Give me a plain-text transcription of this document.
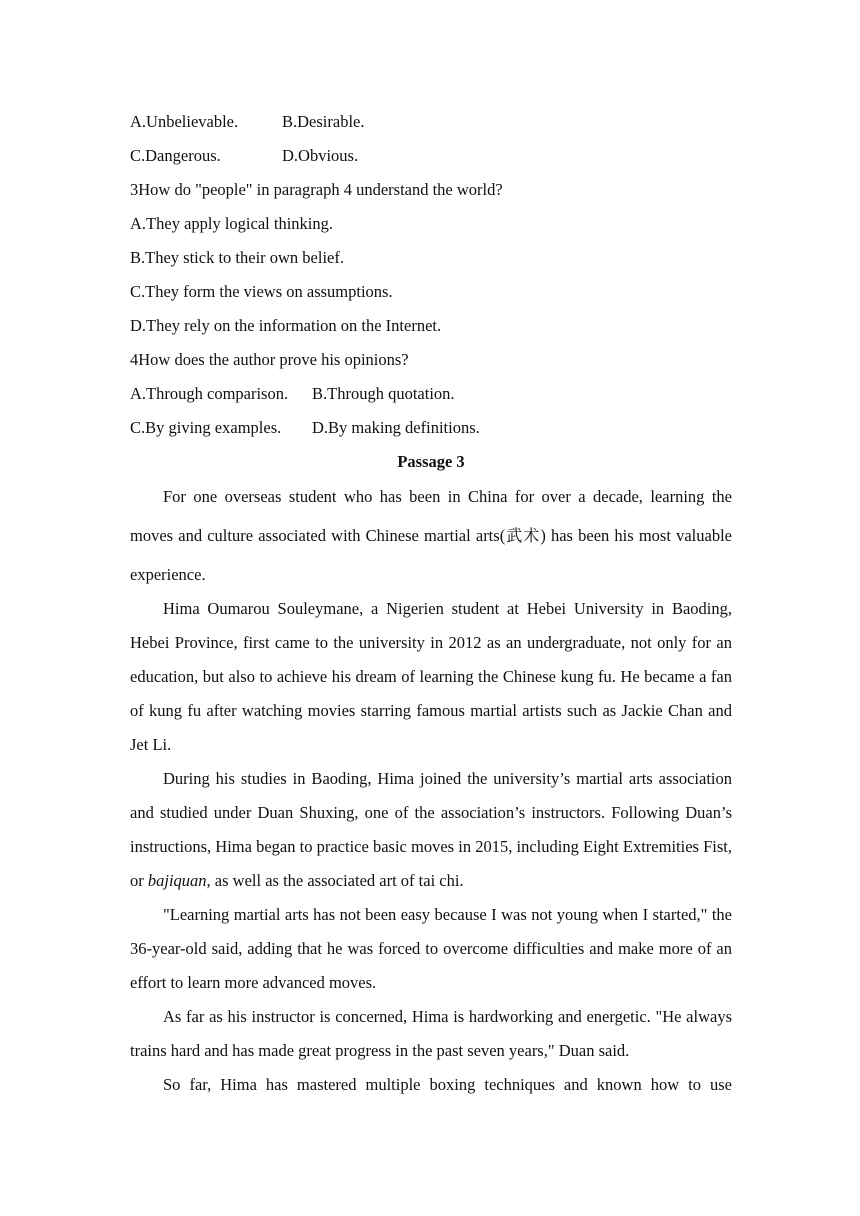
A.Unbelievable.	B.Desirable.
C.Dangerous.	D.Obvious.
3How do "people" in paragraph 4 understand the world?
A.They apply logical thinking.
B.They stick to their own belief.
C.They form the views on assumptions.
D.They rely on the information on the Internet.
4How does the author prove his opinions?
A.Through comparison.	B.Through quotation.
C.By giving examples.	D.By making definitions.
Passage 3

For one overseas student who has been in China for over a decade, learning the moves and culture associated with Chinese martial arts(武术) has been his most valuable experience.

Hima Oumarou Souleymane, a Nigerien student at Hebei University in Baoding, Hebei Province, first came to the university in 2012 as an undergraduate, not only for an education, but also to achieve his dream of learning the Chinese kung fu. He became a fan of kung fu after watching movies starring famous martial artists such as Jackie Chan and Jet Li.

During his studies in Baoding, Hima joined the university’s martial arts association and studied under Duan Shuxing, one of the association’s instructors. Following Duan’s instructions, Hima began to practice basic moves in 2015, including Eight Extremities Fist, or bajiquan, as well as the associated art of tai chi.

"Learning martial arts has not been easy because I was not young when I started," the 36-year-old said, adding that he was forced to overcome difficulties and make more of an effort to learn more advanced moves.

As far as his instructor is concerned, Hima is hardworking and energetic. "He always trains hard and has made great progress in the past seven years," Duan said.

So far, Hima has mastered multiple boxing techniques and known how to use
